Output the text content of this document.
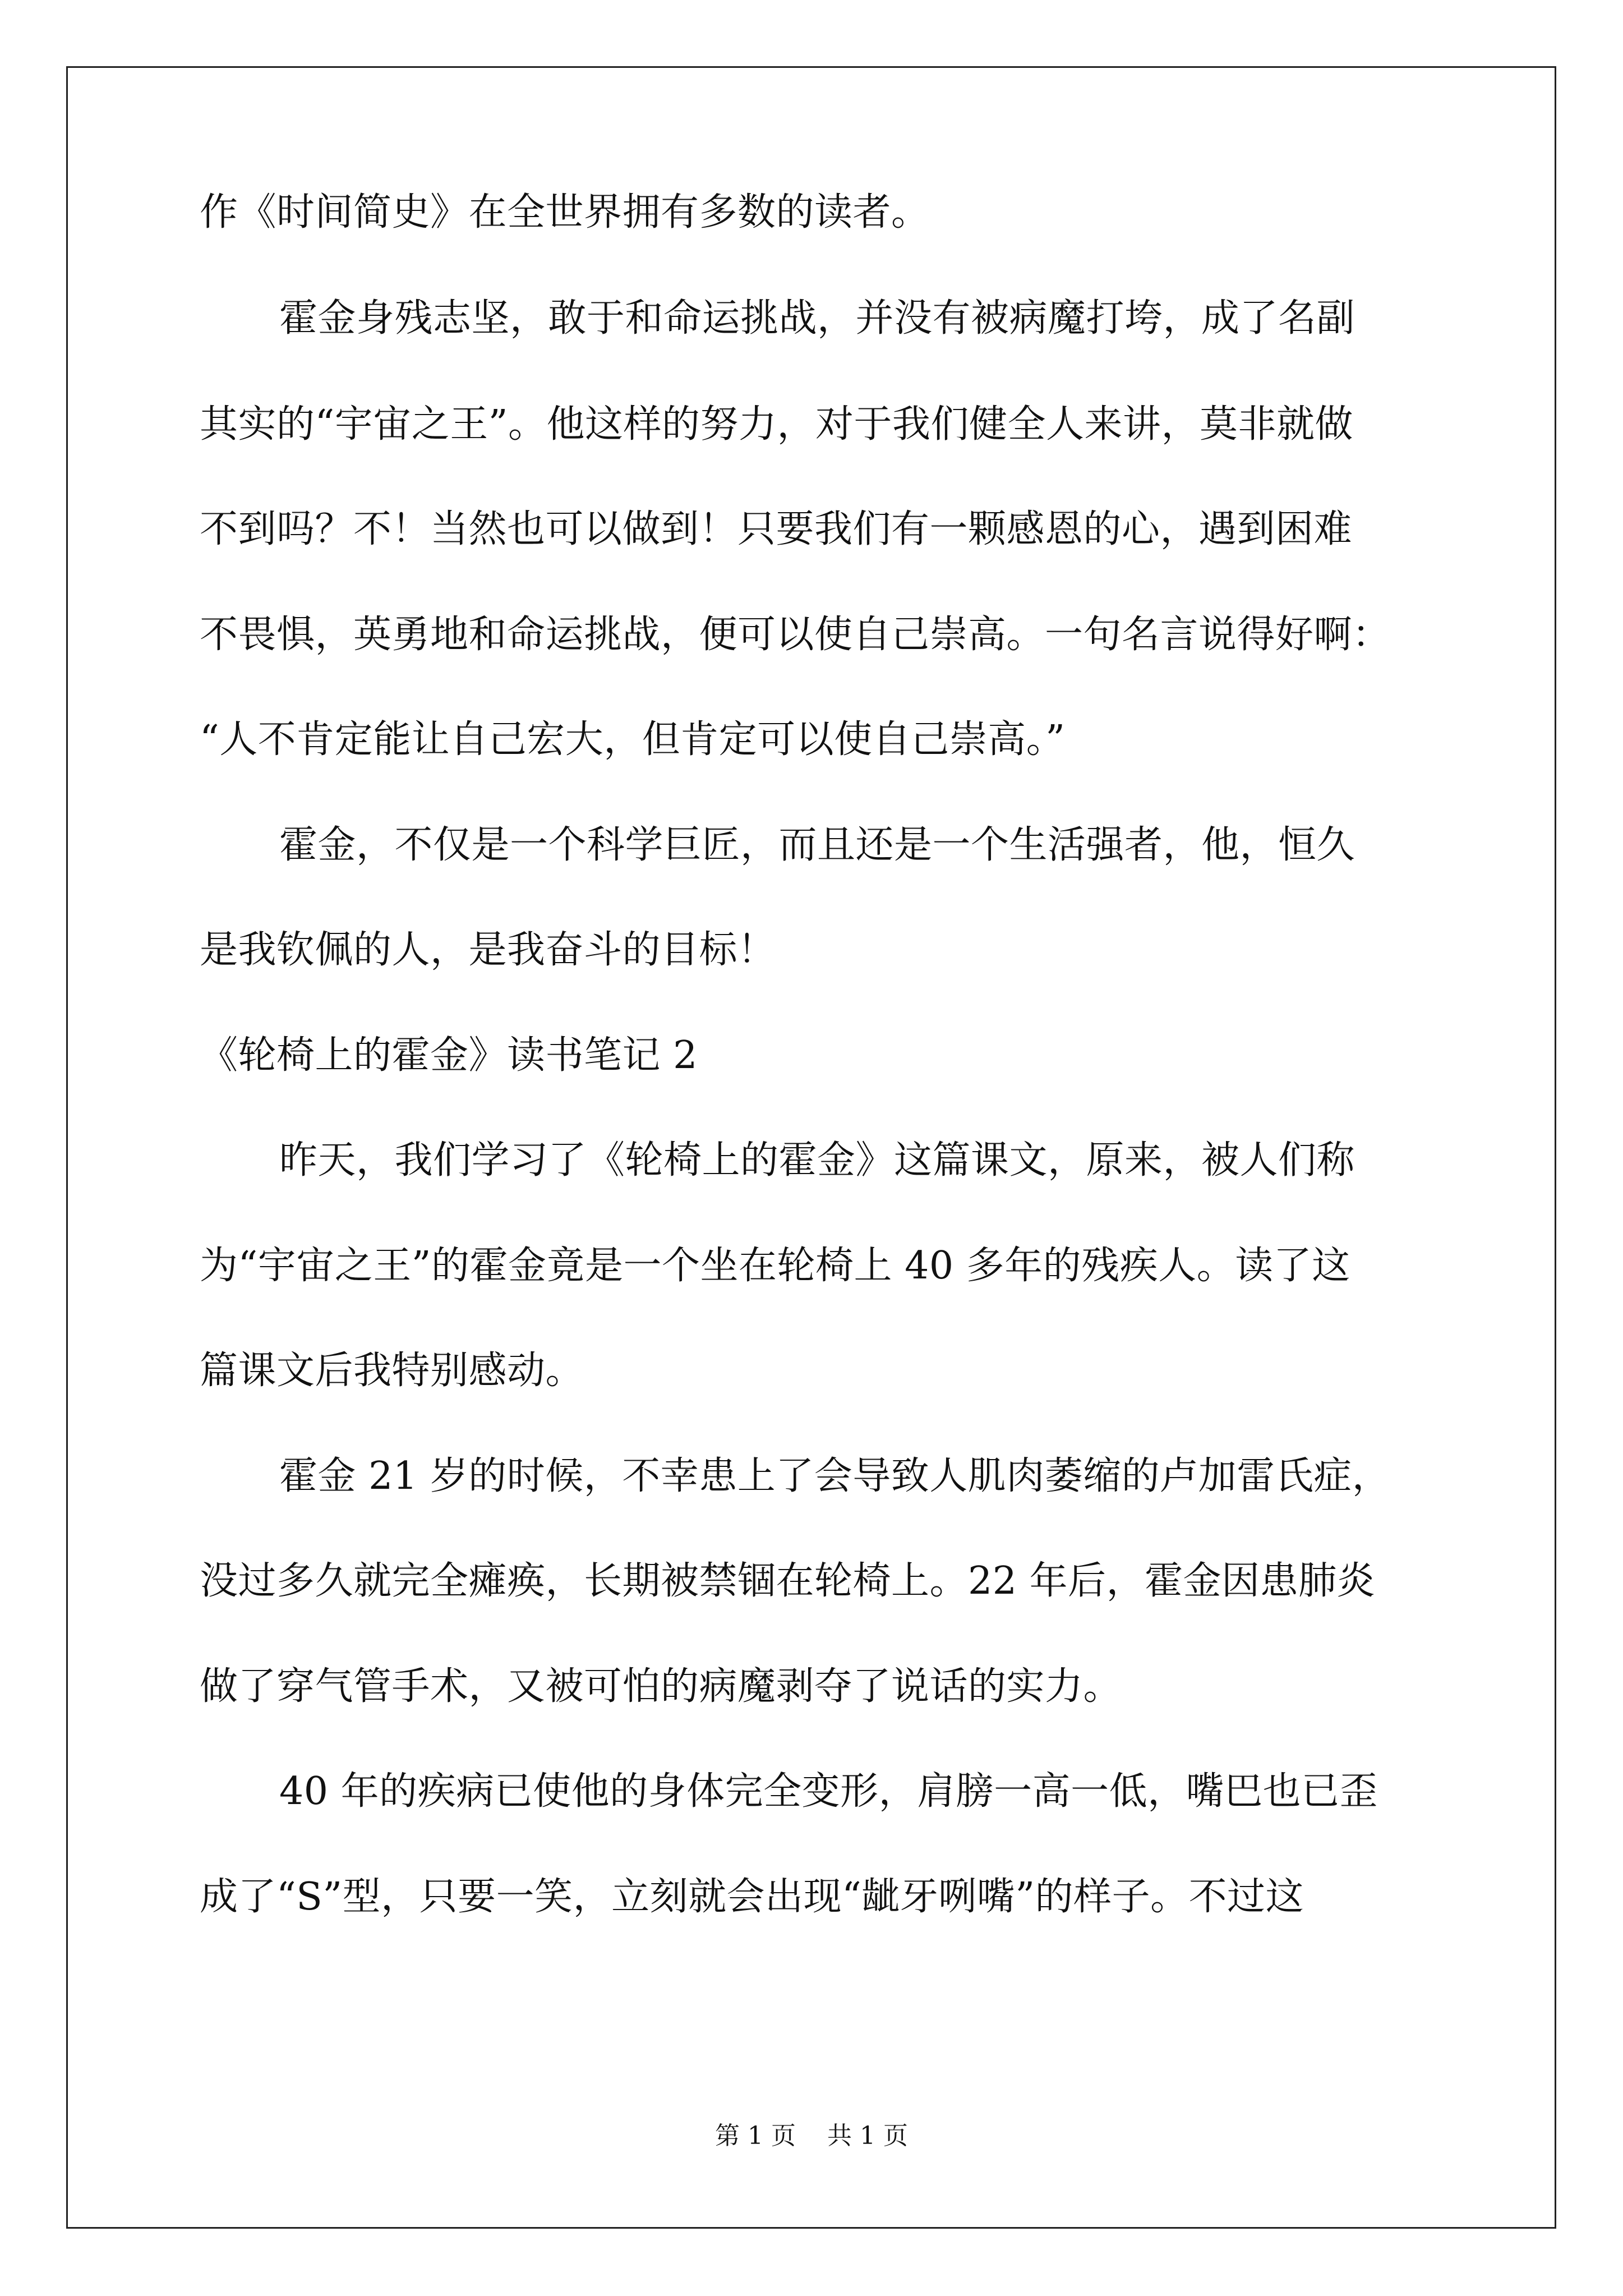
作《时间简史》在全世界拥有多数的读者。
霍金身残志坚，敢于和命运挑战，并没有被病魔打垮，成了名副
其实的“宇宙之王”。他这样的努力，对于我们健全人来讲，莫非就做
不到吗？不！当然也可以做到！只要我们有一颗感恩的心，遇到困难
不畏惧，英勇地和命运挑战，便可以使自己崇高。一句名言说得好啊：
“人不肯定能让自己宏大，但肯定可以使自己崇高。”
霍金，不仅是一个科学巨匠，而且还是一个生活强者，他，恒久
是我钦佩的人，是我奋斗的目标！
《轮椅上的霍金》读书笔记 2
昨天，我们学习了《轮椅上的霍金》这篇课文，原来，被人们称
为“宇宙之王”的霍金竟是一个坐在轮椅上 40 多年的残疾人。读了这
篇课文后我特别感动。
霍金 21 岁的时候，不幸患上了会导致人肌肉萎缩的卢加雷氏症，
没过多久就完全瘫痪，长期被禁锢在轮椅上。22 年后，霍金因患肺炎
做了穿气管手术，又被可怕的病魔剥夺了说话的实力。
40 年的疾病已使他的身体完全变形，肩膀一高一低，嘴巴也已歪
成了“S”型，只要一笑，立刻就会出现“龇牙咧嘴”的样子。不过这
第 1 页 共 1 页
